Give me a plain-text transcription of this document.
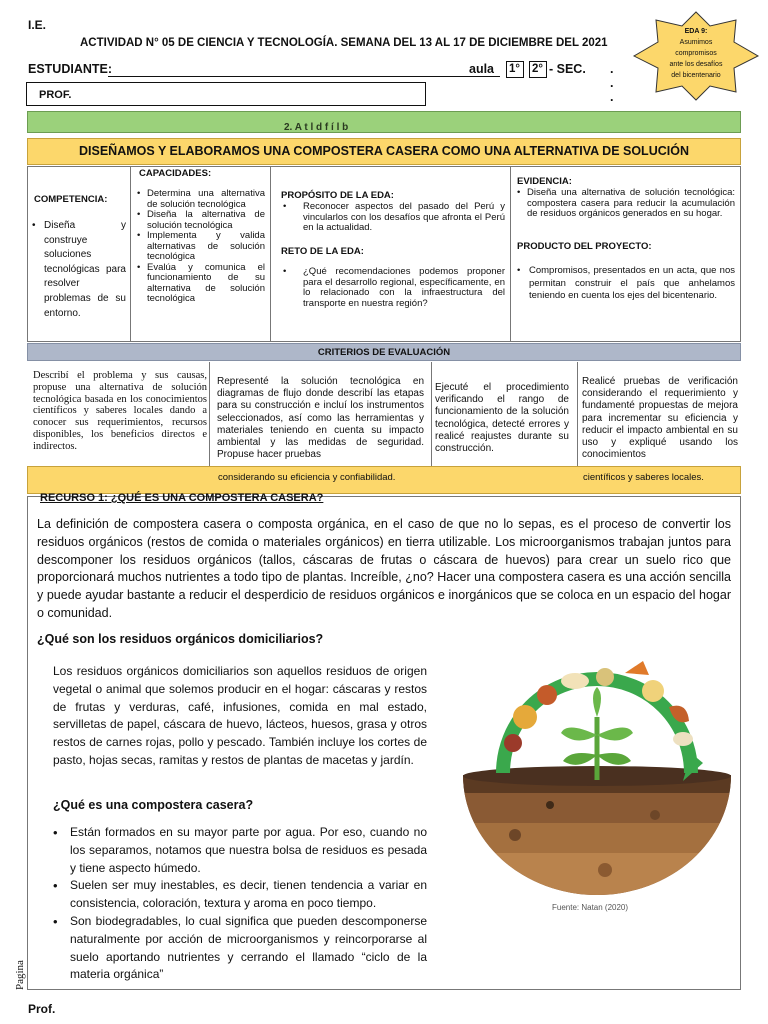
I.E.
ACTIVIDAD N° 05 DE CIENCIA Y TECNOLOGÍA. SEMANA DEL 13 AL 17 DE DICIEMBRE DEL 2021
ESTUDIANTE:	aula 1°	2° - SEC. . . .
PROF.
EDA 9:
Asumimos
compromisos
ante los desafíos
del bicentenario
2. A t l d f í l b
DISEÑAMOS Y ELABORAMOS UNA COMPOSTERA CASERA COMO UNA ALTERNATIVA DE SOLUCIÓN
COMPETENCIA:
• Diseña y construye soluciones tecnológicas para resolver problemas de su entorno.
CAPACIDADES:
• Determina una alternativa de solución tecnológica
• Diseña la alternativa de solución tecnológica
• Implementa y valida alternativas de solución tecnológica
• Evalúa y comunica el funcionamiento de su alternativa de solución tecnológica
PROPÓSITO DE LA EDA:
• Reconocer aspectos del pasado del Perú y vincularlos con los desafíos que afronta el Perú en la actualidad.
RETO DE LA EDA:
• ¿Qué recomendaciones podemos proponer para el desarrollo regional, específicamente, en lo relacionado con la infraestructura del transporte en nuestra región?
EVIDENCIA:
• Diseña una alternativa de solución tecnológica: compostera casera para reducir la acumulación de residuos orgánicos generados en su hogar.
PRODUCTO DEL PROYECTO:
• Compromisos, presentados en un acta, que nos permitan construir el país que anhelamos teniendo en cuenta los ejes del bicentenario.
CRITERIOS DE EVALUACIÓN
Describí el problema y sus causas, propuse una alternativa de solución tecnológica basada en los conocimientos científicos y saberes locales dando a conocer sus requerimientos, recursos disponibles, los beneficios directos e indirectos.
Representé la solución tecnológica en diagramas de flujo donde describí las etapas para su construcción e incluí los instrumentos seleccionados, así como las herramientas y materiales teniendo en cuenta su impacto ambiental y las medidas de seguridad. Propuse hacer pruebas
Ejecuté el procedimiento verificando el rango de funcionamiento de la solución tecnológica, detecté errores y realicé reajustes durante su construcción.
Realicé pruebas de verificación considerando el requerimiento y fundamenté propuestas de mejora para incrementar su eficiencia y reducir el impacto ambiental en su uso y expliqué usando los conocimientos
considerando su eficiencia y confiabilidad.	científicos y saberes locales.
RECURSO 1: ¿QUÉ ES UNA COMPOSTERA CASERA?
La definición de compostera casera o composta orgánica, en el caso de que no lo sepas, es el proceso de convertir los residuos orgánicos (restos de comida o materiales orgánicos) en tierra utilizable. Los microorganismos trabajan juntos para descomponer los residuos orgánicos (tallos, cáscaras de frutas o cáscara de huevos) para crear un suelo rico que proporcionará muchos nutrientes a todo tipo de plantas. Increíble, ¿no? Hacer una compostera casera es una acción sencilla y puede ayudar bastante a reducir el desperdicio de residuos orgánicos e inorgánicos que se coloca en un espacio del hogar o comunidad.
¿Qué son los residuos orgánicos domiciliarios?
Los residuos orgánicos domiciliarios son aquellos residuos de origen vegetal o animal que solemos producir en el hogar: cáscaras y restos de frutas y verduras, café, infusiones, comida en mal estado, servilletas de papel, cáscara de huevo, lácteos, huesos, grasa y otros restos de carnes rojas, pollo y pescado. También incluye los cortes de pasto, hojas secas, ramitas y restos de plantas de macetas y jardín.
¿Qué es una compostera casera?
• Están formados en su mayor parte por agua. Por eso, cuando no los separamos, notamos que nuestra bolsa de residuos es pesada y tiene aspecto húmedo.
• Suelen ser muy inestables, es decir, tienen tendencia a variar en consistencia, coloración, textura y aroma en poco tiempo.
• Son biodegradables, lo cual significa que pueden descomponerse naturalmente por acción de microorganismos y reincorporarse al suelo aportando nutrientes y cerrando el llamado “ciclo de la materia orgánica”
Fuente: Natan (2020)
Pagina
Prof.
